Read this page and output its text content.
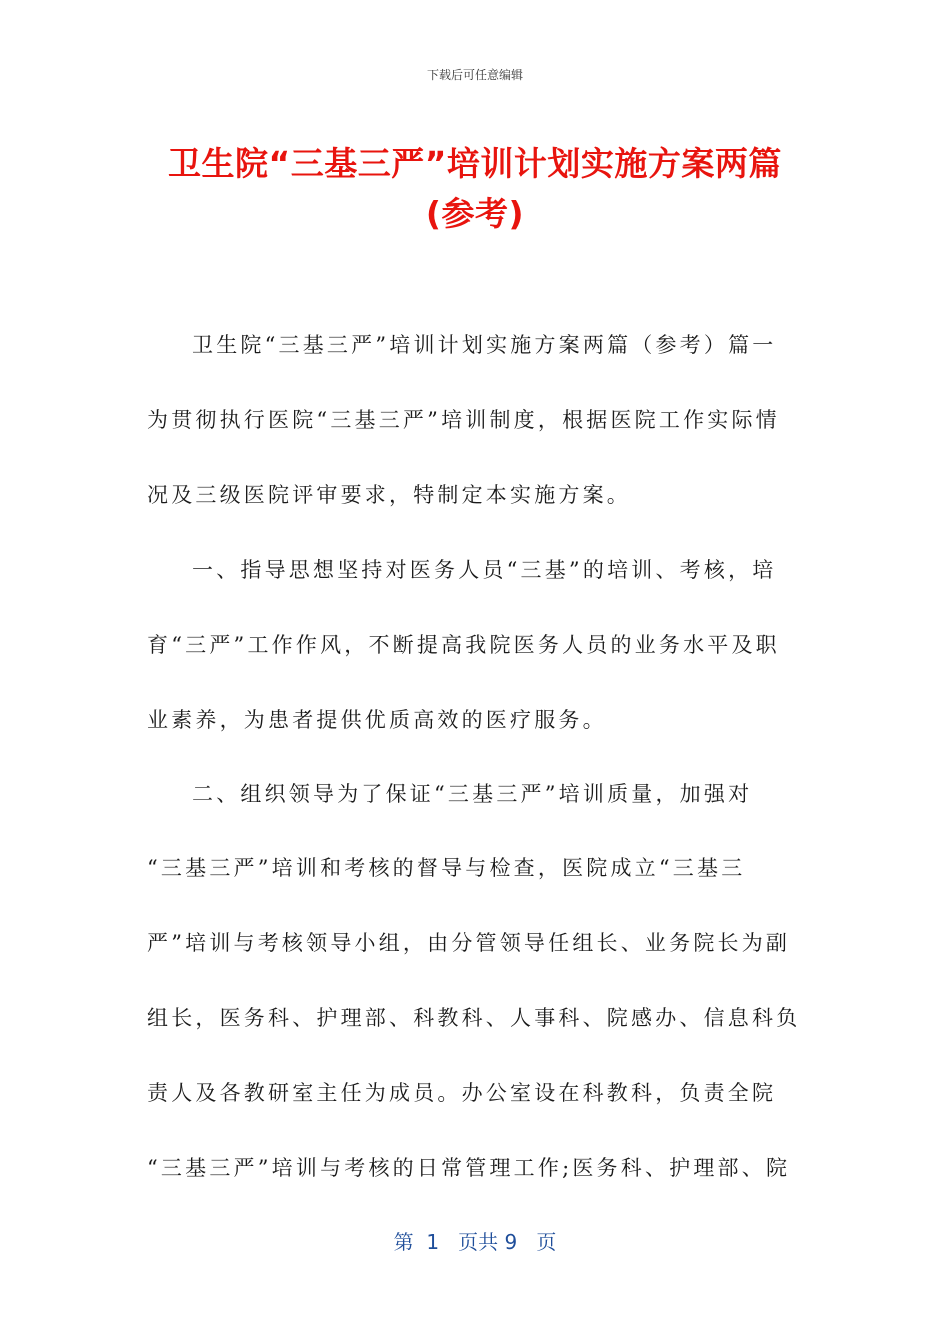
下载后可任意编辑
卫生院“三基三严”培训计划实施方案两篇
(参考)
卫生院“三基三严”培训计划实施方案两篇（参考）篇一
为贯彻执行医院“三基三严”培训制度，根据医院工作实际情
况及三级医院评审要求，特制定本实施方案。
一、指导思想坚持对医务人员“三基”的培训、考核，培
育“三严”工作作风，不断提高我院医务人员的业务水平及职
业素养，为患者提供优质高效的医疗服务。
二、组织领导为了保证“三基三严”培训质量，加强对
“三基三严”培训和考核的督导与检查，医院成立“三基三
严”培训与考核领导小组，由分管领导任组长、业务院长为副
组长，医务科、护理部、科教科、人事科、院感办、信息科负
责人及各教研室主任为成员。办公室设在科教科，负责全院
“三基三严”培训与考核的日常管理工作;医务科、护理部、院
第  1   页共 9   页
